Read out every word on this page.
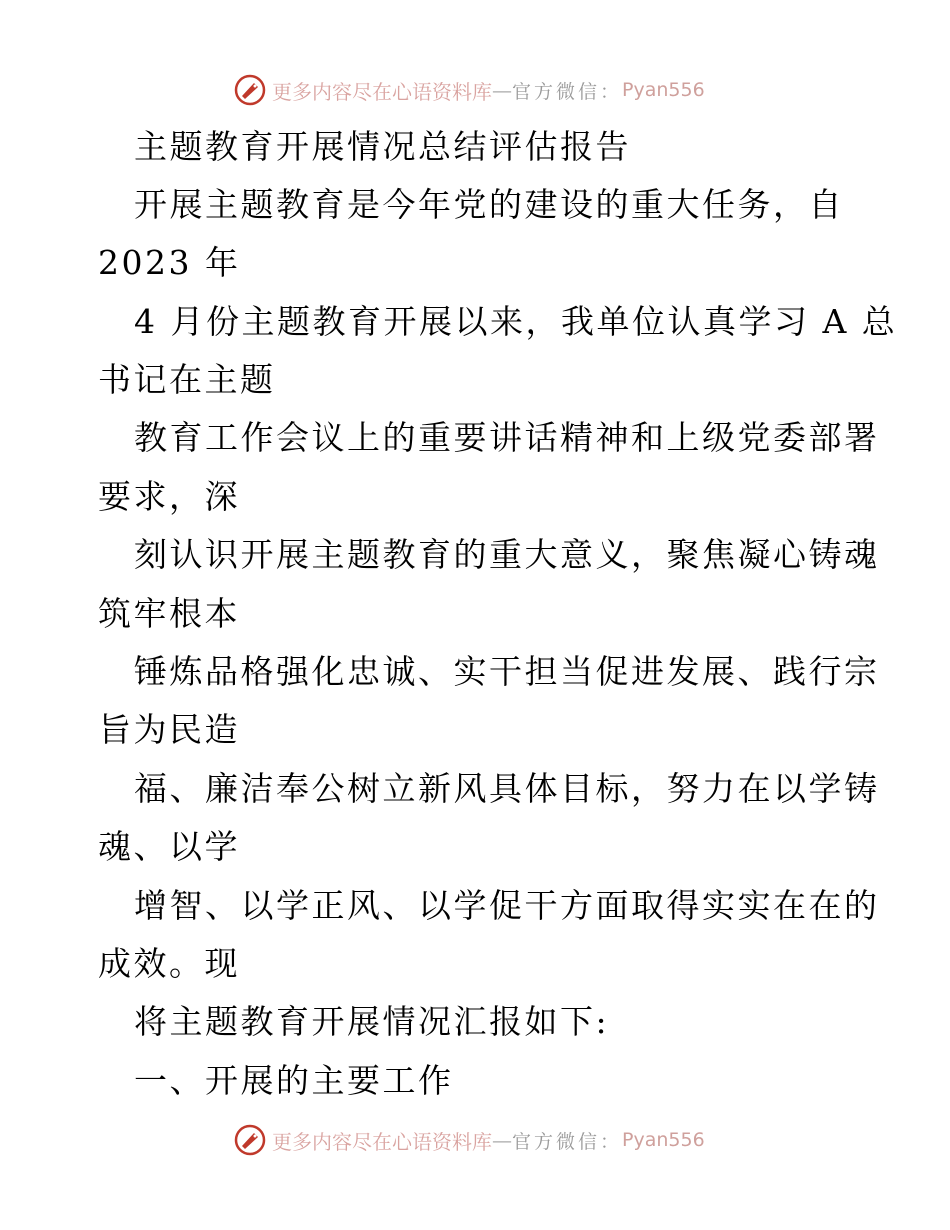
更多内容尽在心语资料库 — 官方微信： Pyan556
主题教育开展情况总结评估报告
开展主题教育是今年党的建设的重大任务，自
2023 年
4 月份主题教育开展以来，我单位认真学习 A 总
书记在主题
教育工作会议上的重要讲话精神和上级党委部署
要求，深
刻认识开展主题教育的重大意义，聚焦凝心铸魂
筑牢根本
锤炼品格强化忠诚、实干担当促进发展、践行宗
旨为民造
福、廉洁奉公树立新风具体目标，努力在以学铸
魂、以学
增智、以学正风、以学促干方面取得实实在在的
成效。现
将主题教育开展情况汇报如下:
一、开展的主要工作
更多内容尽在心语资料库 — 官方微信： Pyan556
